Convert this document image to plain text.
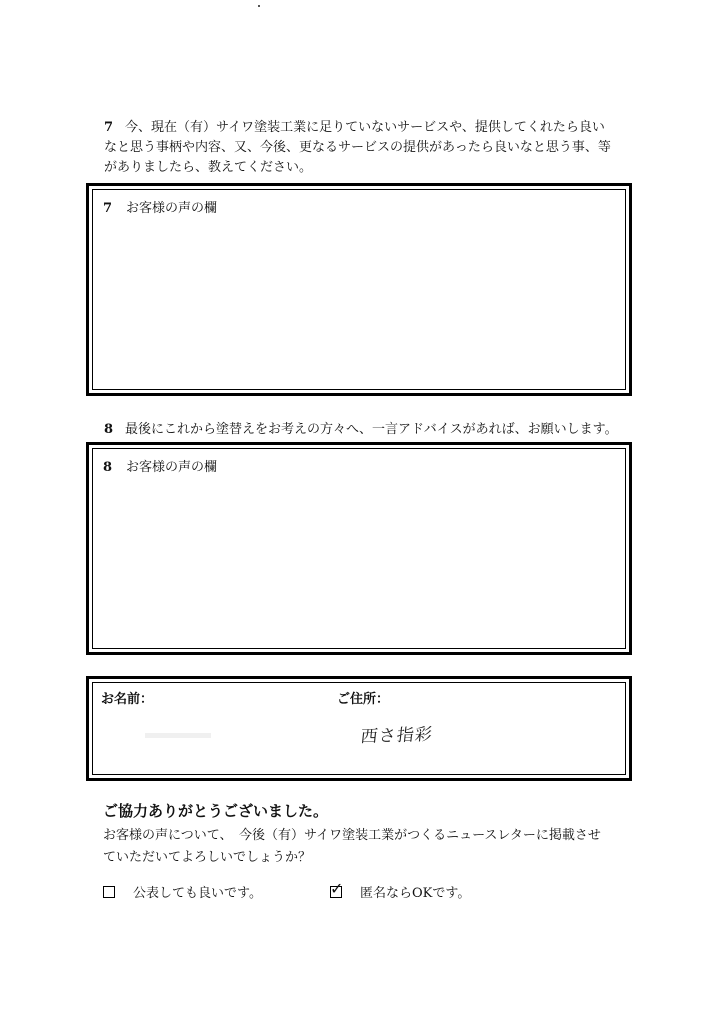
7 今、現在（有）サイワ塗装工業に足りていないサービスや、提供してくれたら良い
なと思う事柄や内容、又、今後、更なるサービスの提供があったら良いなと思う事、等
がありましたら、教えてください。

7 お客様の声の欄

8 最後にこれから塗替えをお考えの方々へ、一言アドバイスがあれば、お願いします。

8 お客様の声の欄
お名前：	ご住所：
西さ指彩
ご協力ありがとうございました。

お客様の声について、　今後（有）サイワ塗装工業がつくるニュースレターに掲載させ
ていただいてよろしいでしょうか？

公表しても良いです。	✓ 匿名ならOKです。
